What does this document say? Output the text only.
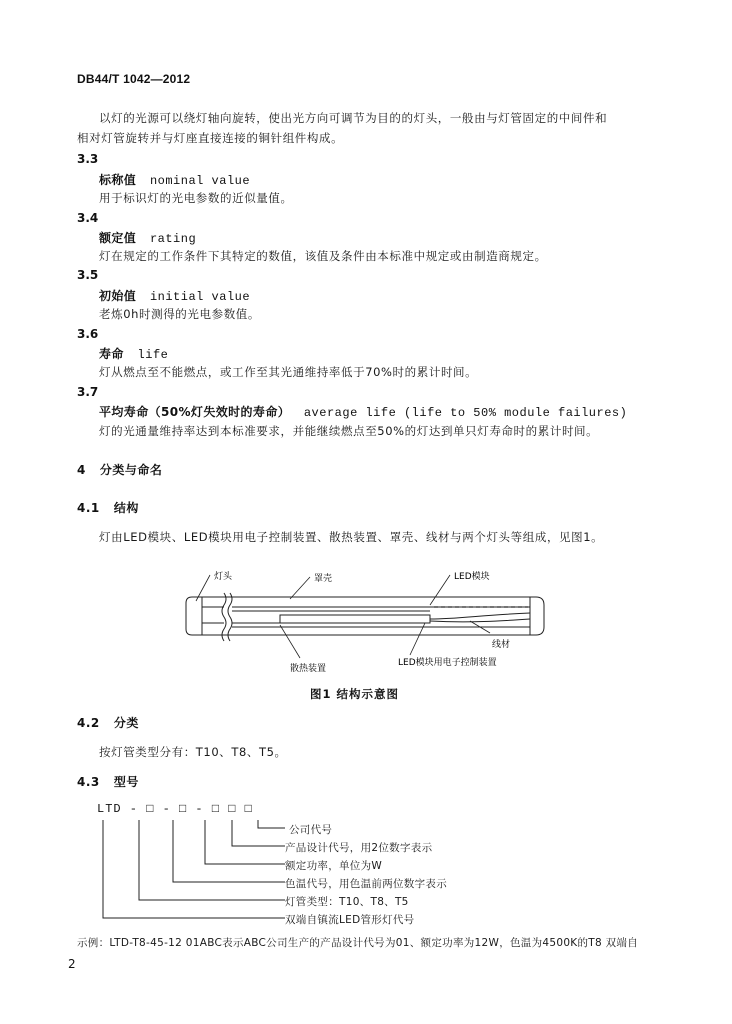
DB44/T 1042—2012
以灯的光源可以绕灯轴向旋转，使出光方向可调节为目的的灯头，一般由与灯管固定的中间件和
相对灯管旋转并与灯座直接连接的铜针组件构成。
3.3
标称值 nominal value
用于标识灯的光电参数的近似量值。
3.4
额定值 rating
灯在规定的工作条件下其特定的数值，该值及条件由本标准中规定或由制造商规定。
3.5
初始值 initial value
老炼0h时测得的光电参数值。
3.6
寿命 life
灯从燃点至不能燃点，或工作至其光通维持率低于70%时的累计时间。
3.7
平均寿命（50%灯失效时的寿命） average life (life to 50% module failures)
灯的光通量维持率达到本标准要求，并能继续燃点至50%的灯达到单只灯寿命时的累计时间。
4 分类与命名
4.1 结构
灯由LED模块、LED模块用电子控制装置、散热装置、罩壳、线材与两个灯头等组成，见图1。
灯头	罩壳	LED模块
线材
散热装置
LED模块用电子控制装置
图1 结构示意图
4.2 分类
按灯管类型分有：T10、T8、T5。
4.3 型号
LTD - □ - □ - □ □ □
公司代号
产品设计代号，用2位数字表示
额定功率，单位为W
色温代号，用色温前两位数字表示
灯管类型：T10、T8、T5
双端自镇流LED管形灯代号
示例：LTD-T8-45-12 01ABC表示ABC公司生产的产品设计代号为01、额定功率为12W，色温为4500K的T8 双端自
2
